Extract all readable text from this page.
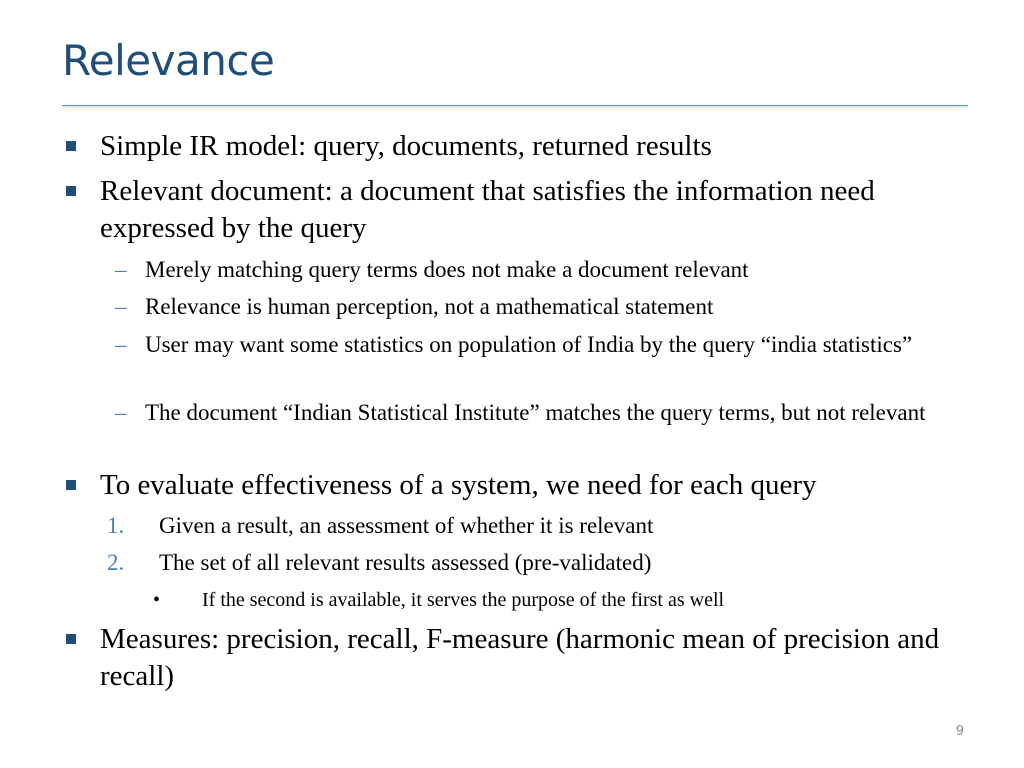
Relevance
Simple IR model: query, documents, returned results
Relevant document: a document that satisfies the information need expressed by the query
– Merely matching query terms does not make a document relevant
– Relevance is human perception, not a mathematical statement
– User may want some statistics on population of India by the query “india statistics”
– The document “Indian Statistical Institute” matches the query terms, but not relevant
To evaluate effectiveness of a system, we need for each query
1. Given a result, an assessment of whether it is relevant
2. The set of all relevant results assessed (pre-validated)
• If the second is available, it serves the purpose of the first as well
Measures: precision, recall, F-measure (harmonic mean of precision and recall)
9
